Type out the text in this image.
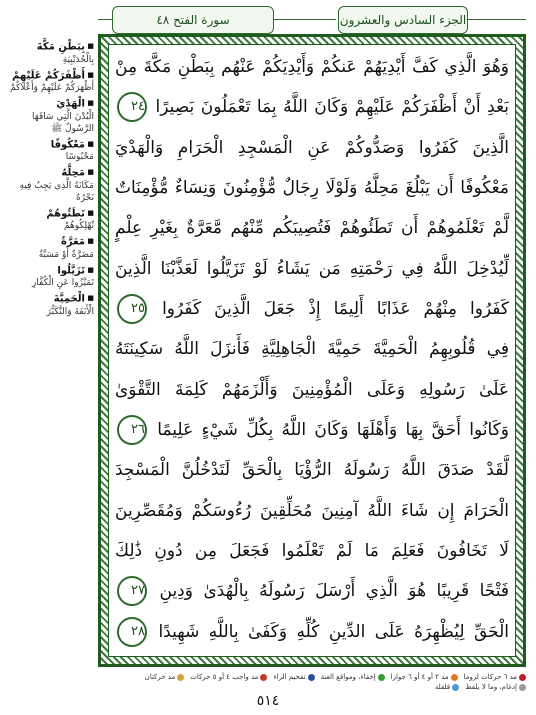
سورة الفتح ٤٨	الجزء السادس والعشرون
وَهُوَ الَّذِي كَفَّ أَيْدِيَهُمْ عَنكُمْ وَأَيْدِيَكُمْ عَنْهُم بِبَطْنِ مَكَّةَ مِنْ
بَعْدِ أَنْ أَظْفَرَكُمْ عَلَيْهِمْ وَكَانَ اللَّهُ بِمَا تَعْمَلُونَ بَصِيرًا ٢٤
الَّذِينَ كَفَرُوا وَصَدُّوكُمْ عَنِ الْمَسْجِدِ الْحَرَامِ وَالْهَدْيَ
مَعْكُوفًا أَن يَبْلُغَ مَحِلَّهُ وَلَوْلَا رِجَالٌ مُّؤْمِنُونَ وَنِسَاءٌ مُّؤْمِنَاتٌ
لَّمْ تَعْلَمُوهُمْ أَن تَطَئُوهُمْ فَتُصِيبَكُم مِّنْهُم مَّعَرَّةٌ بِغَيْرِ عِلْمٍ
لِّيُدْخِلَ اللَّهُ فِي رَحْمَتِهِ مَن يَشَاءُ لَوْ تَزَيَّلُوا لَعَذَّبْنَا الَّذِينَ
كَفَرُوا مِنْهُمْ عَذَابًا أَلِيمًا إِذْ جَعَلَ الَّذِينَ كَفَرُوا ٢٥
فِي قُلُوبِهِمُ الْحَمِيَّةَ حَمِيَّةَ الْجَاهِلِيَّةِ فَأَنزَلَ اللَّهُ سَكِينَتَهُ
عَلَىٰ رَسُولِهِ وَعَلَى الْمُؤْمِنِينَ وَأَلْزَمَهُمْ كَلِمَةَ التَّقْوَىٰ
وَكَانُوا أَحَقَّ بِهَا وَأَهْلَهَا وَكَانَ اللَّهُ بِكُلِّ شَيْءٍ عَلِيمًا ٢٦
لَّقَدْ صَدَقَ اللَّهُ رَسُولَهُ الرُّؤْيَا بِالْحَقِّ لَتَدْخُلُنَّ الْمَسْجِدَ
الْحَرَامَ إِن شَاءَ اللَّهُ آمِنِينَ مُحَلِّقِينَ رُءُوسَكُمْ وَمُقَصِّرِينَ
لَا تَخَافُونَ فَعَلِمَ مَا لَمْ تَعْلَمُوا فَجَعَلَ مِن دُونِ ذَٰلِكَ
فَتْحًا قَرِيبًا هُوَ الَّذِي أَرْسَلَ رَسُولَهُ بِالْهُدَىٰ وَدِينِ ٢٧
الْحَقِّ لِيُظْهِرَهُ عَلَى الدِّينِ كُلِّهِ وَكَفَىٰ بِاللَّهِ شَهِيدًا ٢٨
■ بِبَطْنِ مَكَّةَ
بِالْحُدَيْبِيَةِ
■ أَظْفَرَكُمْ عَلَيْهِمْ
أَظْهَرَكُمْ عَلَيْهِمْ وَأَعْلَاكُمْ
■ الْهَدْيَ
الْبُدْنَ الَّتِي سَاقَهَا الرَّسُولُ ﷺ
■ مَعْكُوفًا
مَحْبُوسًا
■ مَحِلَّهُ
مَكَانَهُ الَّذِي يَجِبُ فِيهِ نَحْرُهُ
■ تَطَئُوهُمْ
تُهْلِكُوهُمْ
■ مَعَرَّةٌ
مَضَرَّةٌ أَوْ مَسَبَّةٌ
■ تَزَيَّلُوا
تَمَيَّزُوا عَنِ الْكُفَّارِ
■ الْحَمِيَّةَ
الْأَنَفَةَ وَالتَّكَبُّرَ
مد ٦ حركات لزوما
مد ٢ أو ٤ أو ٦ جوازا
إخفاء، ومواقع الغنة
تفخيم الراء
مد واجب ٤ أو ٥ حركات
مد حركتان
إدغام، وما لا يلفظ
قلقلة
٥١٤
